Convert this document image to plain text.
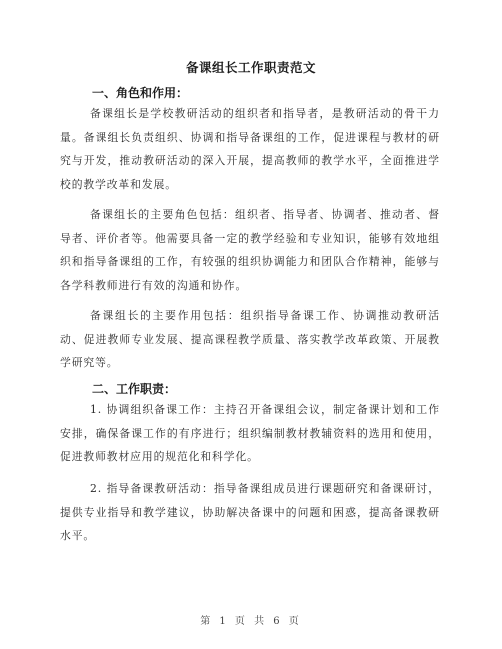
备课组长工作职责范文
一、角色和作用：
备课组长是学校教研活动的组织者和指导者，是教研活动的骨干力量。备课组长负责组织、协调和指导备课组的工作，促进课程与教材的研究与开发，推动教研活动的深入开展，提高教师的教学水平，全面推进学校的教学改革和发展。
备课组长的主要角色包括：组织者、指导者、协调者、推动者、督导者、评价者等。他需要具备一定的教学经验和专业知识，能够有效地组织和指导备课组的工作，有较强的组织协调能力和团队合作精神，能够与各学科教师进行有效的沟通和协作。
备课组长的主要作用包括：组织指导备课工作、协调推动教研活动、促进教师专业发展、提高课程教学质量、落实教学改革政策、开展教学研究等。
二、工作职责：
1. 协调组织备课工作：主持召开备课组会议，制定备课计划和工作安排，确保备课工作的有序进行；组织编制教材教辅资料的选用和使用，促进教师教材应用的规范化和科学化。
2. 指导备课教研活动：指导备课组成员进行课题研究和备课研讨，提供专业指导和教学建议，协助解决备课中的问题和困惑，提高备课教研水平。
第 1 页 共 6 页
